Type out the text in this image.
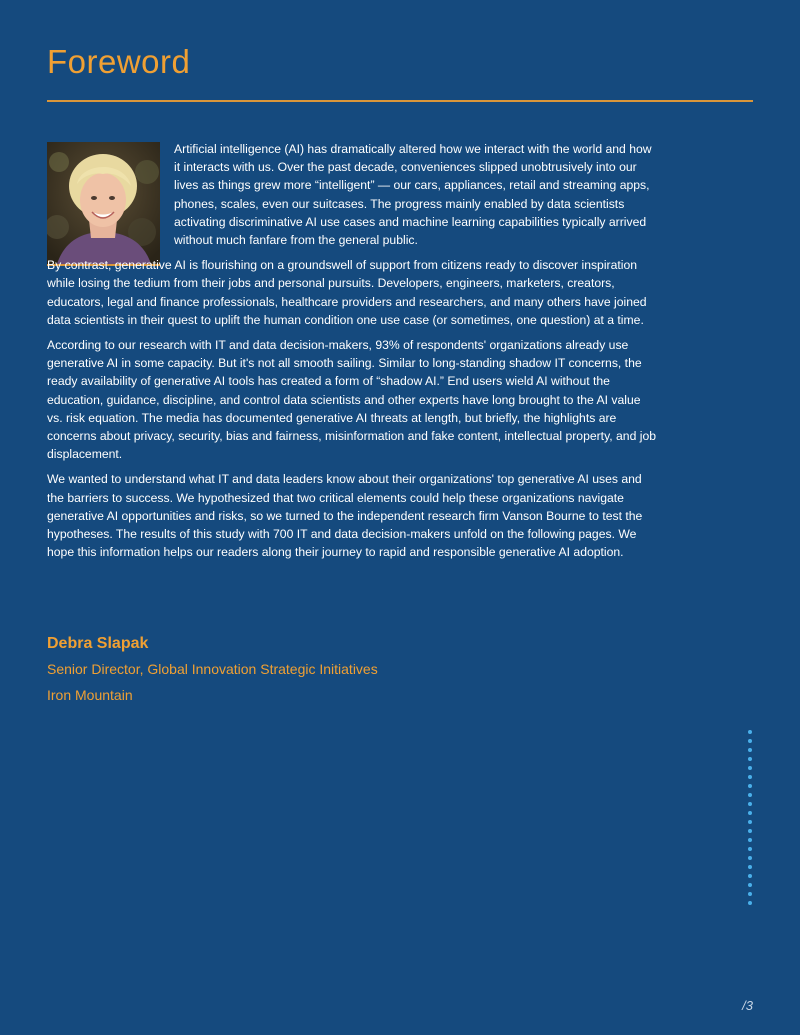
Foreword

Artificial intelligence (AI) has dramatically altered how we interact with the world and how it interacts with us. Over the past decade, conveniences slipped unobtrusively into our lives as things grew more “intelligent” — our cars, appliances, retail and streaming apps, phones, scales, even our suitcases. The progress mainly enabled by data scientists activating discriminative AI use cases and machine learning capabilities typically arrived without much fanfare from the general public.

By contrast, generative AI is flourishing on a groundswell of support from citizens ready to discover inspiration while losing the tedium from their jobs and personal pursuits. Developers, engineers, marketers, creators, educators, legal and finance professionals, healthcare providers and researchers, and many others have joined data scientists in their quest to uplift the human condition one use case (or sometimes, one question) at a time.

According to our research with IT and data decision-makers, 93% of respondents' organizations already use generative AI in some capacity. But it's not all smooth sailing. Similar to long-standing shadow IT concerns, the ready availability of generative AI tools has created a form of “shadow AI.” End users wield AI without the education, guidance, discipline, and control data scientists and other experts have long brought to the AI value vs. risk equation. The media has documented generative AI threats at length, but briefly, the highlights are concerns about privacy, security, bias and fairness, misinformation and fake content, intellectual property, and job displacement.

We wanted to understand what IT and data leaders know about their organizations' top generative AI uses and the barriers to success. We hypothesized that two critical elements could help these organizations navigate generative AI opportunities and risks, so we turned to the independent research firm Vanson Bourne to test the hypotheses. The results of this study with 700 IT and data decision-makers unfold on the following pages. We hope this information helps our readers along their journey to rapid and responsible generative AI adoption.

Debra Slapak

Senior Director, Global Innovation Strategic Initiatives

Iron Mountain

/3
